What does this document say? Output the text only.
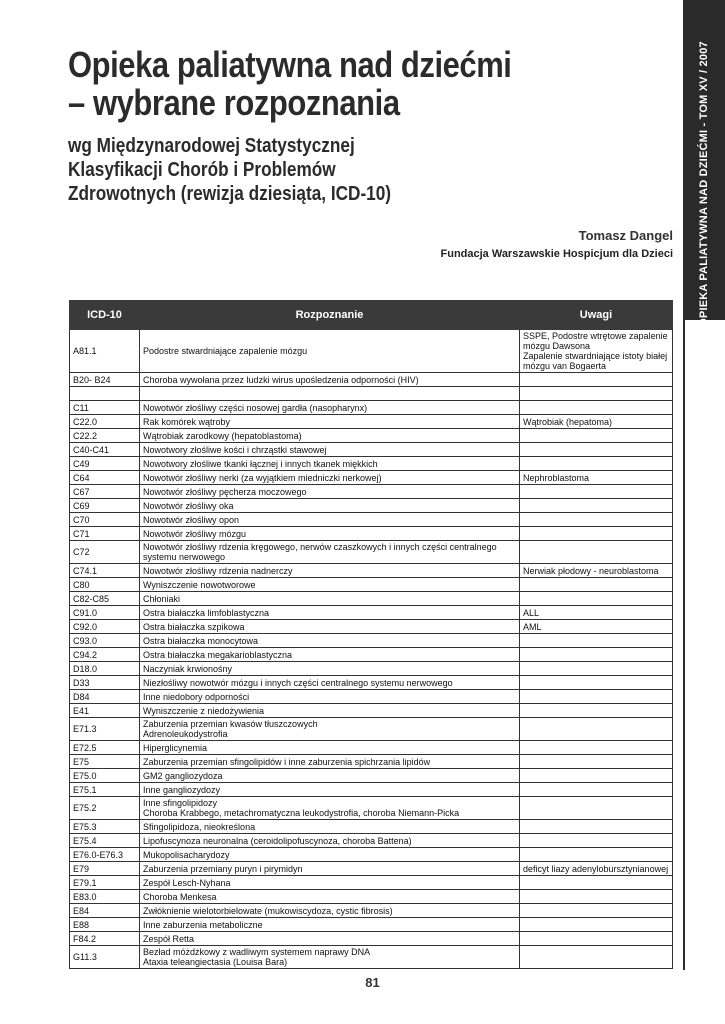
Opieka paliatywna nad dziećmi
– wybrane rozpoznania
wg Międzynarodowej Statystycznej
Klasyfikacji Chorób i Problemów
Zdrowotnych (rewizja dziesiąta, ICD-10)
Tomasz Dangel
Fundacja Warszawskie Hospicjum dla Dzieci OPIEKA PALIATYWNA NAD DZIEĆMI - TOM XV / 2007
ICD-10	Rozpoznanie	Uwagi
A81.1	Podostre stwardniające zapalenie mózgu	SSPE, Podostre wtrętowe zapalenie
mózgu Dawsona
Zapalenie stwardniające istoty białej
mózgu van Bogaerta
B20- B24	Choroba wywołana przez ludzki wirus upośledzenia odporności (HIV)	

C11	Nowotwór złośliwy części nosowej gardła (nasopharynx)	
C22.0	Rak komórek wątroby	Wątrobiak (hepatoma)
C22.2	Wątrobiak zarodkowy (hepatoblastoma)	
C40-C41	Nowotwory złośliwe kości i chrząstki stawowej	
C49	Nowotwory złośliwe tkanki łącznej i innych tkanek miękkich	
C64	Nowotwór złośliwy nerki (za wyjątkiem miedniczki nerkowej)	Nephroblastoma
C67	Nowotwór złośliwy pęcherza moczowego	
C69	Nowotwór złośliwy oka	
C70	Nowotwór złośliwy opon	
C71	Nowotwór złośliwy mózgu	
C72	Nowotwór złośliwy rdzenia kręgowego, nerwów czaszkowych i innych części centralnego
systemu nerwowego	
C74.1	Nowotwór złośliwy rdzenia nadnerczy	Nerwiak płodowy - neuroblastoma
C80	Wyniszczenie nowotworowe	
C82-C85	Chłoniaki	
C91.0	Ostra białaczka limfoblastyczna	ALL
C92.0	Ostra białaczka szpikowa	AML
C93.0	Ostra białaczka monocytowa	
C94.2	Ostra białaczka megakarioblastyczna	
D18.0	Naczyniak krwionośny	
D33	Niezłośliwy nowotwór mózgu i innych części centralnego systemu nerwowego	
D84	Inne niedobory odporności	
E41	Wyniszczenie z niedożywienia	
E71.3	Zaburzenia przemian kwasów tłuszczowych
Adrenoleukodystrofia	
E72.5	Hiperglicynemia	
E75	Zaburzenia przemian sfingolipidów i inne zaburzenia spichrzania lipidów	
E75.0	GM2 gangliozydoza	
E75.1	Inne gangliozydozy	
E75.2	Inne sfingolipidozy
Choroba Krabbego, metachromatyczna leukodystrofia, choroba Niemann-Picka	
E75.3	Sfingolipidoza, nieokreślona	
E75.4	Lipofuscynoza neuronalna (ceroidolipofuscynoza, choroba Battena)	
E76.0-E76.3	Mukopolisacharydozy	
E79	Zaburzenia przemiany puryn i pirymidyn	deficyt liazy adenylobursztynianowej
E79.1	Zespół Lesch-Nyhana	
E83.0	Choroba Menkesa	
E84	Zwłóknienie wielotorbielowate (mukowiscydoza, cystic fibrosis)	
E88	Inne zaburzenia metaboliczne	
F84.2	Zespół Retta	
G11.3	Bezład móżdżkowy z wadliwym systemem naprawy DNA
Ataxia teleangiectasia (Louisa Bara)	
81
